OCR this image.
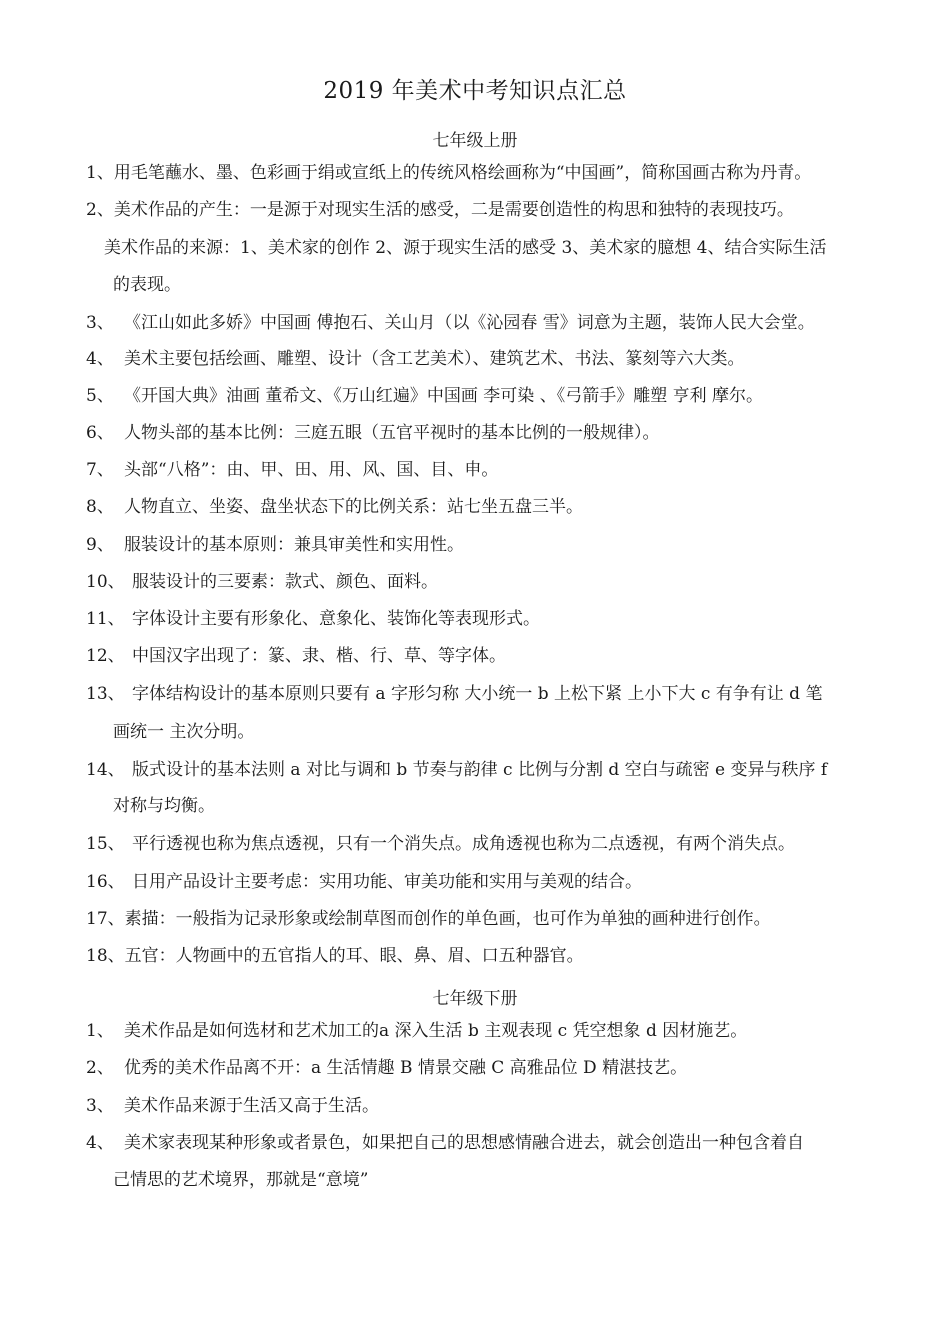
2019 年美术中考知识点汇总
七年级上册
1、用毛笔蘸水、墨、色彩画于绢或宣纸上的传统风格绘画称为“中国画”，简称国画古称为丹青。
2、美术作品的产生：一是源于对现实生活的感受，二是需要创造性的构思和独特的表现技巧。
美术作品的来源：1、美术家的创作 2、源于现实生活的感受 3、美术家的臆想 4、结合实际生活
的表现。
3、 《江山如此多娇》中国画 傅抱石、关山月（以《沁园春 雪》词意为主题，装饰人民大会堂。
4、 美术主要包括绘画、雕塑、设计（含工艺美术）、建筑艺术、书法、篆刻等六大类。
5、 《开国大典》油画 董希文、《万山红遍》中国画 李可染 、《弓箭手》雕塑 亨利 摩尔。
6、 人物头部的基本比例：三庭五眼（五官平视时的基本比例的一般规律）。
7、 头部“八格”：由、甲、田、用、风、国、目、申。
8、 人物直立、坐姿、盘坐状态下的比例关系：站七坐五盘三半。
9、 服装设计的基本原则：兼具审美性和实用性。
10、 服装设计的三要素：款式、颜色、面料。
11、 字体设计主要有形象化、意象化、装饰化等表现形式。
12、 中国汉字出现了：篆、隶、楷、行、草、等字体。
13、 字体结构设计的基本原则只要有 a 字形匀称 大小统一 b 上松下紧 上小下大 c 有争有让 d 笔
画统一 主次分明。
14、 版式设计的基本法则 a 对比与调和 b 节奏与韵律 c 比例与分割 d 空白与疏密 e 变异与秩序 f
对称与均衡。
15、 平行透视也称为焦点透视，只有一个消失点。成角透视也称为二点透视，有两个消失点。
16、 日用产品设计主要考虑：实用功能、审美功能和实用与美观的结合。
17、素描：一般指为记录形象或绘制草图而创作的单色画，也可作为单独的画种进行创作。
18、五官：人物画中的五官指人的耳、眼、鼻、眉、口五种器官。
七年级下册
1、 美术作品是如何选材和艺术加工的a 深入生活 b 主观表现 c 凭空想象 d 因材施艺。
2、 优秀的美术作品离不开：a 生活情趣 B 情景交融 C 高雅品位 D 精湛技艺。
3、 美术作品来源于生活又高于生活。
4、 美术家表现某种形象或者景色，如果把自己的思想感情融合进去，就会创造出一种包含着自
己情思的艺术境界，那就是“意境”
